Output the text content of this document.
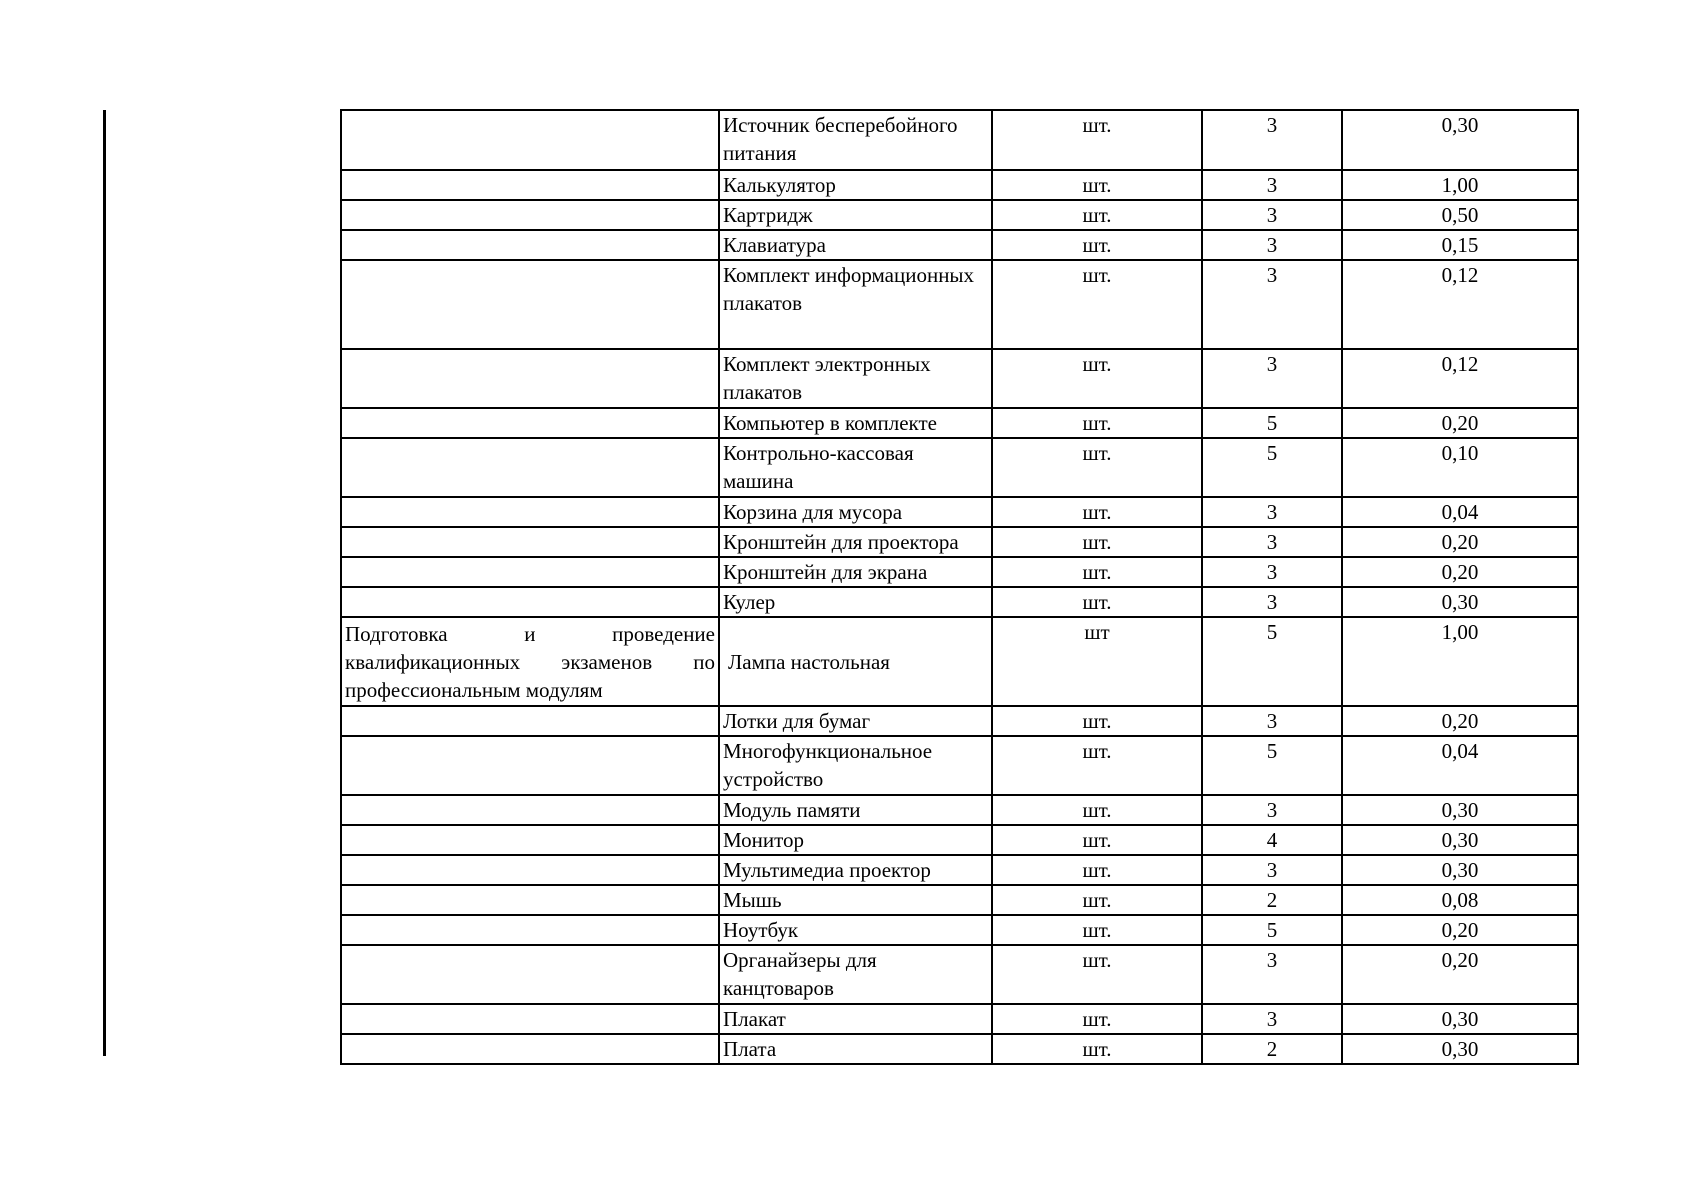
	Источник бесперебойного питания	шт.	3	0,30
	Калькулятор	шт.	3	1,00
	Картридж	шт.	3	0,50
	Клавиатура	шт.	3	0,15
	Комплект информационных плакатов	шт.	3	0,12
	Комплект электронных плакатов	шт.	3	0,12
	Компьютер в комплекте	шт.	5	0,20
	Контрольно-кассовая машина	шт.	5	0,10
	Корзина для мусора	шт.	3	0,04
	Кронштейн для проектора	шт.	3	0,20
	Кронштейн для экрана	шт.	3	0,20
	Кулер	шт.	3	0,30
Подготовка и проведение квалификационных экзаменов по профессиональным модулям	Лампа настольная	шт	5	1,00
	Лотки для бумаг	шт.	3	0,20
	Многофункциональное устройство	шт.	5	0,04
	Модуль памяти	шт.	3	0,30
	Монитор	шт.	4	0,30
	Мультимедиа проектор	шт.	3	0,30
	Мышь	шт.	2	0,08
	Ноутбук	шт.	5	0,20
	Органайзеры для канцтоваров	шт.	3	0,20
	Плакат	шт.	3	0,30
	Плата	шт.	2	0,30
